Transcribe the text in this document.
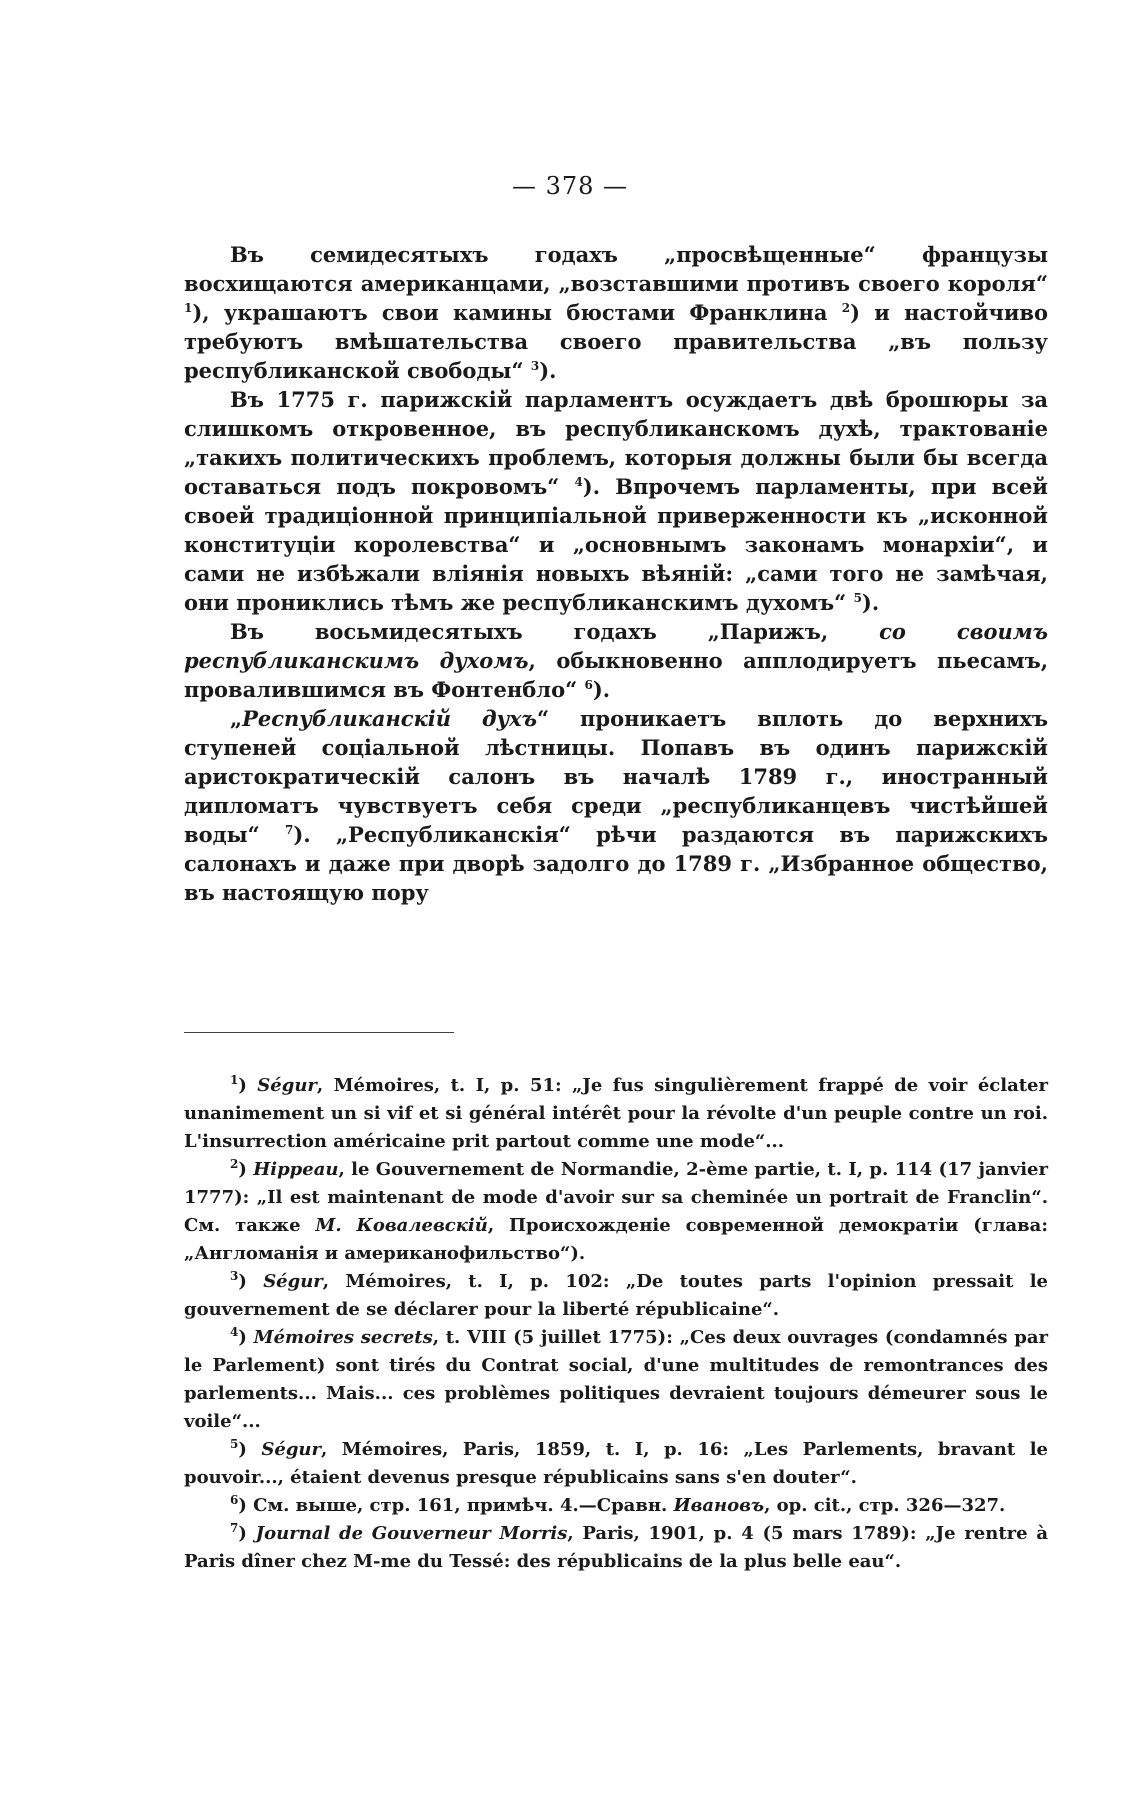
— 378 —

Въ семидесятыхъ годахъ „просвѣщенные“ французы восхищаются американцами, „возставшими противъ своего короля“ $^1$), украшаютъ свои камины бюстами Франклина $^2$) и настойчиво требуютъ вмѣшательства своего правительства „въ пользу республиканской свободы“ $^3$).

Въ 1775 г. парижскій парламентъ осуждаетъ двѣ брошюры за слишкомъ откровенное, въ республиканскомъ духѣ, трактованіе „такихъ политическихъ проблемъ, которыя должны были бы всегда оставаться подъ покровомъ“ $^4$). Впрочемъ парламенты, при всей своей традиціонной принципіальной приверженности къ „исконной конституціи королевства“ и „основнымъ законамъ монархіи“, и сами не избѣжали вліянія новыхъ вѣяній: „сами того не замѣчая, они прониклись тѣмъ же республиканскимъ духомъ“ $^5$).

Въ восьмидесятыхъ годахъ „Парижъ, со своимъ республиканскимъ духомъ, обыкновенно апплодируетъ пьесамъ, провалившимся въ Фонтенбло“ $^6$).

„Республиканскій духъ“ проникаетъ вплоть до верхнихъ ступеней соціальной лѣстницы. Попавъ въ одинъ парижскій аристократическій салонъ въ началѣ 1789 г., иностранный дипломатъ чувствуетъ себя среди „республиканцевъ чистѣйшей воды“ $^7$). „Республиканскія“ рѣчи раздаются въ парижскихъ салонахъ и даже при дворѣ задолго до 1789 г. „Избранное общество, въ настоящую пору

$^1$) Ségur, Mémoires, t. I, p. 51: „Je fus singulièrement frappé de voir éclater unanimement un si vif et si général intérêt pour la révolte d'un peuple contre un roi. L'insurrection américaine prit partout comme une mode“...

$^2$) Hippeau, le Gouvernement de Normandie, 2-ème partie, t. I, p. 114 (17 janvier 1777): „Il est maintenant de mode d'avoir sur sa cheminée un portrait de Franclin“. См. также М. Ковалевскій, Происхожденіе современной демократіи (глава: „Англоманія и американофильство“).

$^3$) Ségur, Mémoires, t. I, p. 102: „De toutes parts l'opinion pressait le gouvernement de se déclarer pour la liberté républicaine“.

$^4$) Mémoires secrets, t. VIII (5 juillet 1775): „Ces deux ouvrages (condamnés par le Parlement) sont tirés du Contrat social, d'une multitudes de remontrances des parlements... Mais... ces problèmes politiques devraient toujours démeurer sous le voile“...

$^5$) Ségur, Mémoires, Paris, 1859, t. I, p. 16: „Les Parlements, bravant le pouvoir..., étaient devenus presque républicains sans s'en douter“.

$^6$) См. выше, стр. 161, примѣч. 4.—Сравн. Ивановъ, op. cit., стр. 326—327.

$^7$) Journal de Gouverneur Morris, Paris, 1901, p. 4 (5 mars 1789): „Je rentre à Paris dîner chez M-me du Tessé: des républicains de la plus belle eau“.
